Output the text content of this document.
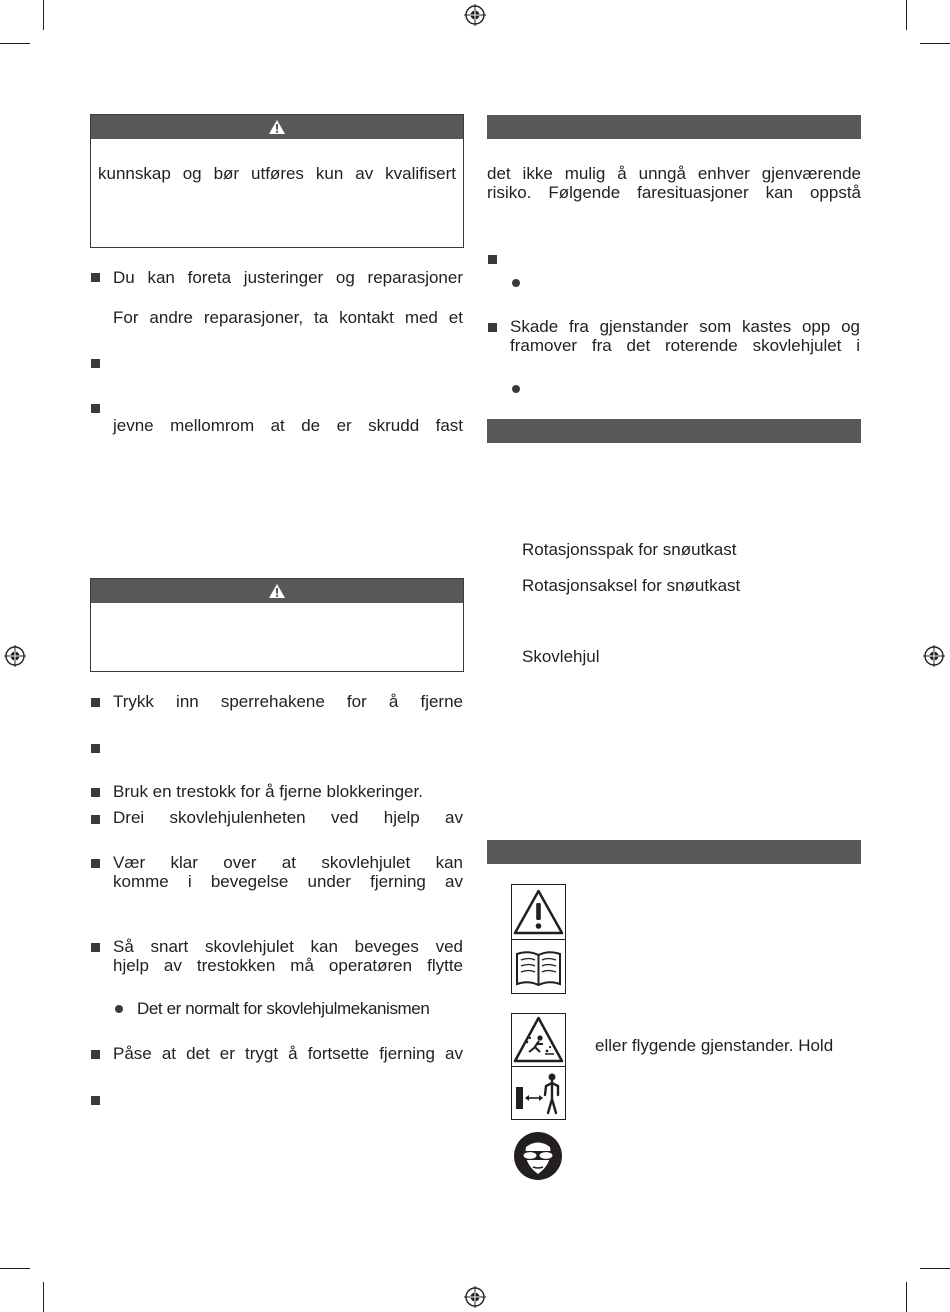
kunnskap og bør utføres kun av kvalifisert
Du kan foreta justeringer og reparasjoner
For andre reparasjoner, ta kontakt med et
jevne mellomrom at de er skrudd fast
Trykk inn sperrehakene for å fjerne
Bruk en trestokk for å fjerne blokkeringer.
Drei skovlehjulenheten ved hjelp av
Vær klar over at skovlehjulet kan
komme i bevegelse under fjerning av
Så snart skovlehjulet kan beveges ved
hjelp av trestokken må operatøren flytte
Det er normalt for skovlehjulmekanismen
Påse at det er trygt å fortsette fjerning av
det ikke mulig å unngå enhver gjenværende
risiko. Følgende faresituasjoner kan oppstå
Skade fra gjenstander som kastes opp og
framover fra det roterende skovlehjulet i
Rotasjonsspak for snøutkast
Rotasjonsaksel for snøutkast
Skovlehjul
eller flygende gjenstander. Hold
